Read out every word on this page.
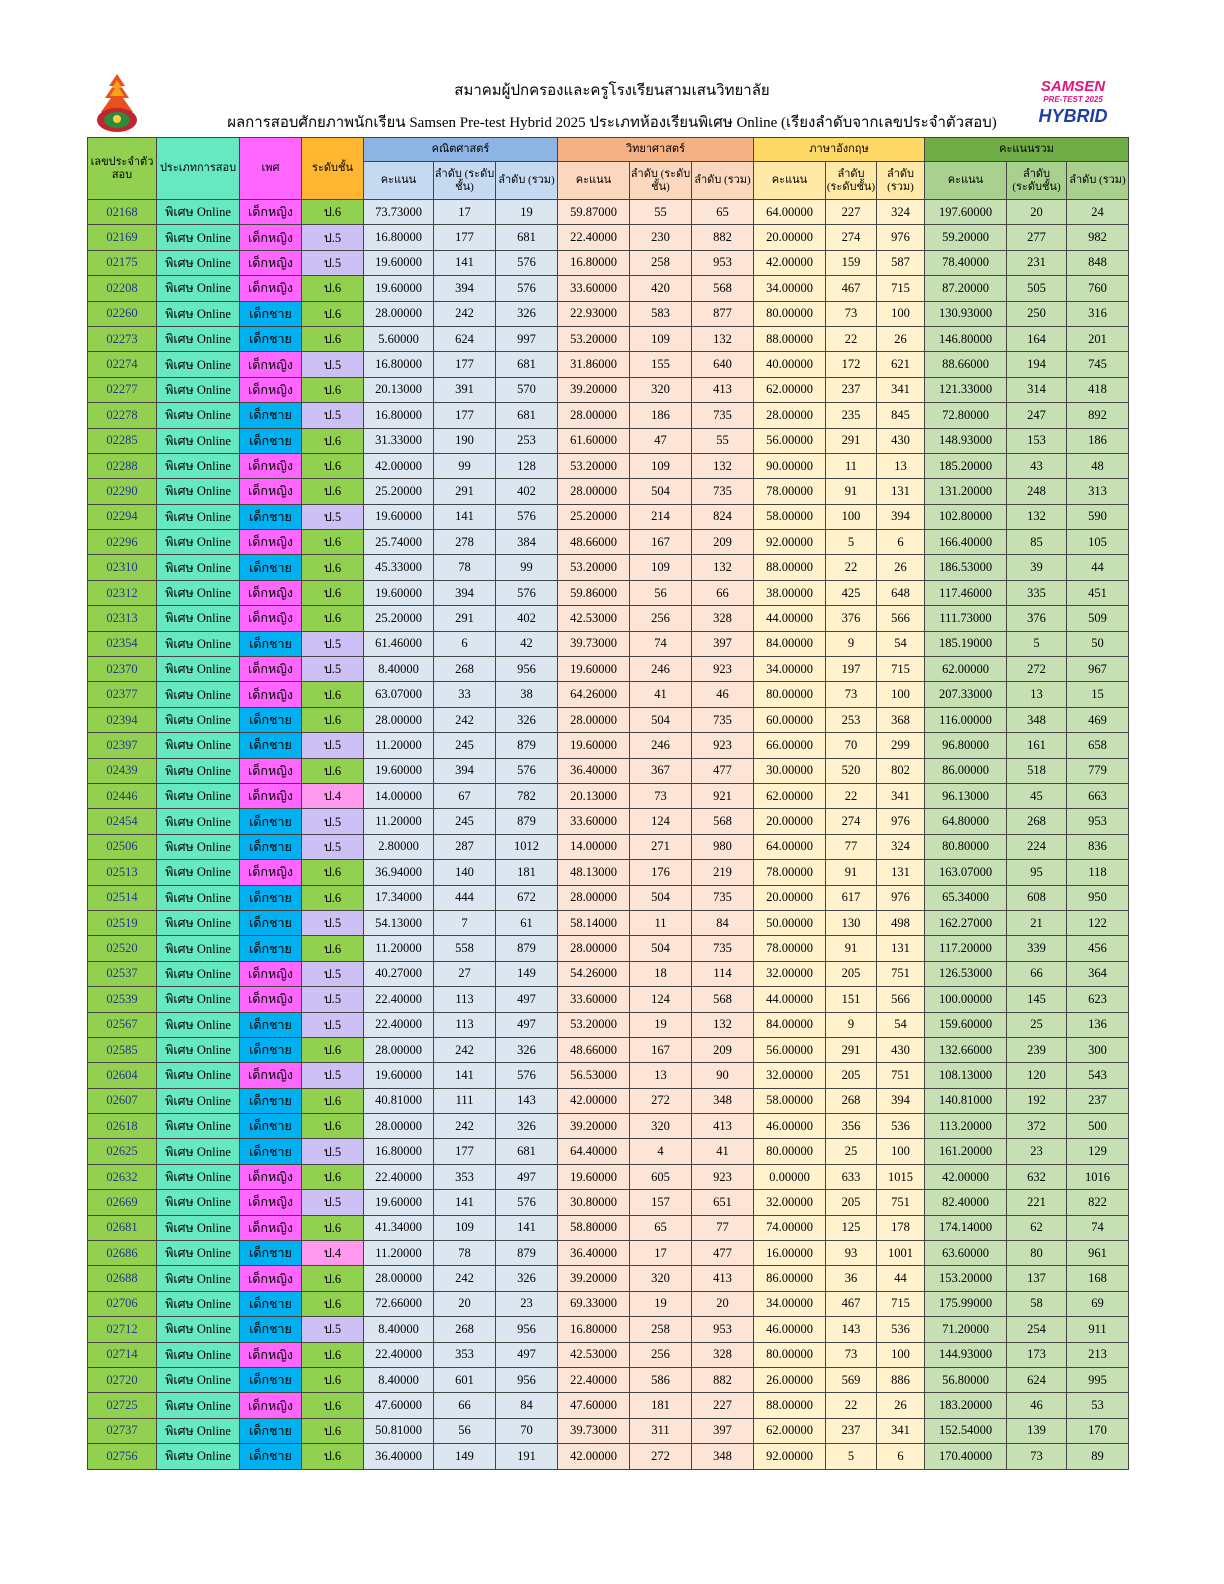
สมาคมผู้ปกครองและครูโรงเรียนสามเสนวิทยาลัย
ผลการสอบศักยภาพนักเรียน Samsen Pre-test Hybrid 2025 ประเภทห้องเรียนพิเศษ Online (เรียงลำดับจากเลขประจำตัวสอบ)
SAMSEN
PRE-TEST 2025
HYBRID
เลขประจำตัวสอบ	ประเภทการสอบ	เพศ	ระดับชั้น	คณิตศาสตร์			วิทยาศาสตร์			ภาษาอังกฤษ			คะแนนรวม		
				คะแนน	ลำดับ (ระดับชั้น)	ลำดับ (รวม)	คะแนน	ลำดับ (ระดับชั้น)	ลำดับ (รวม)	คะแนน	ลำดับ (ระดับชั้น)	ลำดับ (รวม)	คะแนน	ลำดับ (ระดับชั้น)	ลำดับ (รวม)
02168	พิเศษ Online	เด็กหญิง	ป.6	73.73000	17	19	59.87000	55	65	64.00000	227	324	197.60000	20	24
02169	พิเศษ Online	เด็กหญิง	ป.5	16.80000	177	681	22.40000	230	882	20.00000	274	976	59.20000	277	982
02175	พิเศษ Online	เด็กหญิง	ป.5	19.60000	141	576	16.80000	258	953	42.00000	159	587	78.40000	231	848
02208	พิเศษ Online	เด็กหญิง	ป.6	19.60000	394	576	33.60000	420	568	34.00000	467	715	87.20000	505	760
02260	พิเศษ Online	เด็กชาย	ป.6	28.00000	242	326	22.93000	583	877	80.00000	73	100	130.93000	250	316
02273	พิเศษ Online	เด็กชาย	ป.6	5.60000	624	997	53.20000	109	132	88.00000	22	26	146.80000	164	201
02274	พิเศษ Online	เด็กหญิง	ป.5	16.80000	177	681	31.86000	155	640	40.00000	172	621	88.66000	194	745
02277	พิเศษ Online	เด็กหญิง	ป.6	20.13000	391	570	39.20000	320	413	62.00000	237	341	121.33000	314	418
02278	พิเศษ Online	เด็กชาย	ป.5	16.80000	177	681	28.00000	186	735	28.00000	235	845	72.80000	247	892
02285	พิเศษ Online	เด็กชาย	ป.6	31.33000	190	253	61.60000	47	55	56.00000	291	430	148.93000	153	186
02288	พิเศษ Online	เด็กหญิง	ป.6	42.00000	99	128	53.20000	109	132	90.00000	11	13	185.20000	43	48
02290	พิเศษ Online	เด็กหญิง	ป.6	25.20000	291	402	28.00000	504	735	78.00000	91	131	131.20000	248	313
02294	พิเศษ Online	เด็กชาย	ป.5	19.60000	141	576	25.20000	214	824	58.00000	100	394	102.80000	132	590
02296	พิเศษ Online	เด็กหญิง	ป.6	25.74000	278	384	48.66000	167	209	92.00000	5	6	166.40000	85	105
02310	พิเศษ Online	เด็กชาย	ป.6	45.33000	78	99	53.20000	109	132	88.00000	22	26	186.53000	39	44
02312	พิเศษ Online	เด็กหญิง	ป.6	19.60000	394	576	59.86000	56	66	38.00000	425	648	117.46000	335	451
02313	พิเศษ Online	เด็กหญิง	ป.6	25.20000	291	402	42.53000	256	328	44.00000	376	566	111.73000	376	509
02354	พิเศษ Online	เด็กชาย	ป.5	61.46000	6	42	39.73000	74	397	84.00000	9	54	185.19000	5	50
02370	พิเศษ Online	เด็กหญิง	ป.5	8.40000	268	956	19.60000	246	923	34.00000	197	715	62.00000	272	967
02377	พิเศษ Online	เด็กหญิง	ป.6	63.07000	33	38	64.26000	41	46	80.00000	73	100	207.33000	13	15
02394	พิเศษ Online	เด็กชาย	ป.6	28.00000	242	326	28.00000	504	735	60.00000	253	368	116.00000	348	469
02397	พิเศษ Online	เด็กชาย	ป.5	11.20000	245	879	19.60000	246	923	66.00000	70	299	96.80000	161	658
02439	พิเศษ Online	เด็กหญิง	ป.6	19.60000	394	576	36.40000	367	477	30.00000	520	802	86.00000	518	779
02446	พิเศษ Online	เด็กหญิง	ป.4	14.00000	67	782	20.13000	73	921	62.00000	22	341	96.13000	45	663
02454	พิเศษ Online	เด็กชาย	ป.5	11.20000	245	879	33.60000	124	568	20.00000	274	976	64.80000	268	953
02506	พิเศษ Online	เด็กชาย	ป.5	2.80000	287	1012	14.00000	271	980	64.00000	77	324	80.80000	224	836
02513	พิเศษ Online	เด็กหญิง	ป.6	36.94000	140	181	48.13000	176	219	78.00000	91	131	163.07000	95	118
02514	พิเศษ Online	เด็กชาย	ป.6	17.34000	444	672	28.00000	504	735	20.00000	617	976	65.34000	608	950
02519	พิเศษ Online	เด็กชาย	ป.5	54.13000	7	61	58.14000	11	84	50.00000	130	498	162.27000	21	122
02520	พิเศษ Online	เด็กชาย	ป.6	11.20000	558	879	28.00000	504	735	78.00000	91	131	117.20000	339	456
02537	พิเศษ Online	เด็กหญิง	ป.5	40.27000	27	149	54.26000	18	114	32.00000	205	751	126.53000	66	364
02539	พิเศษ Online	เด็กหญิง	ป.5	22.40000	113	497	33.60000	124	568	44.00000	151	566	100.00000	145	623
02567	พิเศษ Online	เด็กชาย	ป.5	22.40000	113	497	53.20000	19	132	84.00000	9	54	159.60000	25	136
02585	พิเศษ Online	เด็กชาย	ป.6	28.00000	242	326	48.66000	167	209	56.00000	291	430	132.66000	239	300
02604	พิเศษ Online	เด็กหญิง	ป.5	19.60000	141	576	56.53000	13	90	32.00000	205	751	108.13000	120	543
02607	พิเศษ Online	เด็กชาย	ป.6	40.81000	111	143	42.00000	272	348	58.00000	268	394	140.81000	192	237
02618	พิเศษ Online	เด็กชาย	ป.6	28.00000	242	326	39.20000	320	413	46.00000	356	536	113.20000	372	500
02625	พิเศษ Online	เด็กชาย	ป.5	16.80000	177	681	64.40000	4	41	80.00000	25	100	161.20000	23	129
02632	พิเศษ Online	เด็กหญิง	ป.6	22.40000	353	497	19.60000	605	923	0.00000	633	1015	42.00000	632	1016
02669	พิเศษ Online	เด็กหญิง	ป.5	19.60000	141	576	30.80000	157	651	32.00000	205	751	82.40000	221	822
02681	พิเศษ Online	เด็กหญิง	ป.6	41.34000	109	141	58.80000	65	77	74.00000	125	178	174.14000	62	74
02686	พิเศษ Online	เด็กชาย	ป.4	11.20000	78	879	36.40000	17	477	16.00000	93	1001	63.60000	80	961
02688	พิเศษ Online	เด็กหญิง	ป.6	28.00000	242	326	39.20000	320	413	86.00000	36	44	153.20000	137	168
02706	พิเศษ Online	เด็กชาย	ป.6	72.66000	20	23	69.33000	19	20	34.00000	467	715	175.99000	58	69
02712	พิเศษ Online	เด็กชาย	ป.5	8.40000	268	956	16.80000	258	953	46.00000	143	536	71.20000	254	911
02714	พิเศษ Online	เด็กหญิง	ป.6	22.40000	353	497	42.53000	256	328	80.00000	73	100	144.93000	173	213
02720	พิเศษ Online	เด็กชาย	ป.6	8.40000	601	956	22.40000	586	882	26.00000	569	886	56.80000	624	995
02725	พิเศษ Online	เด็กหญิง	ป.6	47.60000	66	84	47.60000	181	227	88.00000	22	26	183.20000	46	53
02737	พิเศษ Online	เด็กชาย	ป.6	50.81000	56	70	39.73000	311	397	62.00000	237	341	152.54000	139	170
02756	พิเศษ Online	เด็กชาย	ป.6	36.40000	149	191	42.00000	272	348	92.00000	5	6	170.40000	73	89
